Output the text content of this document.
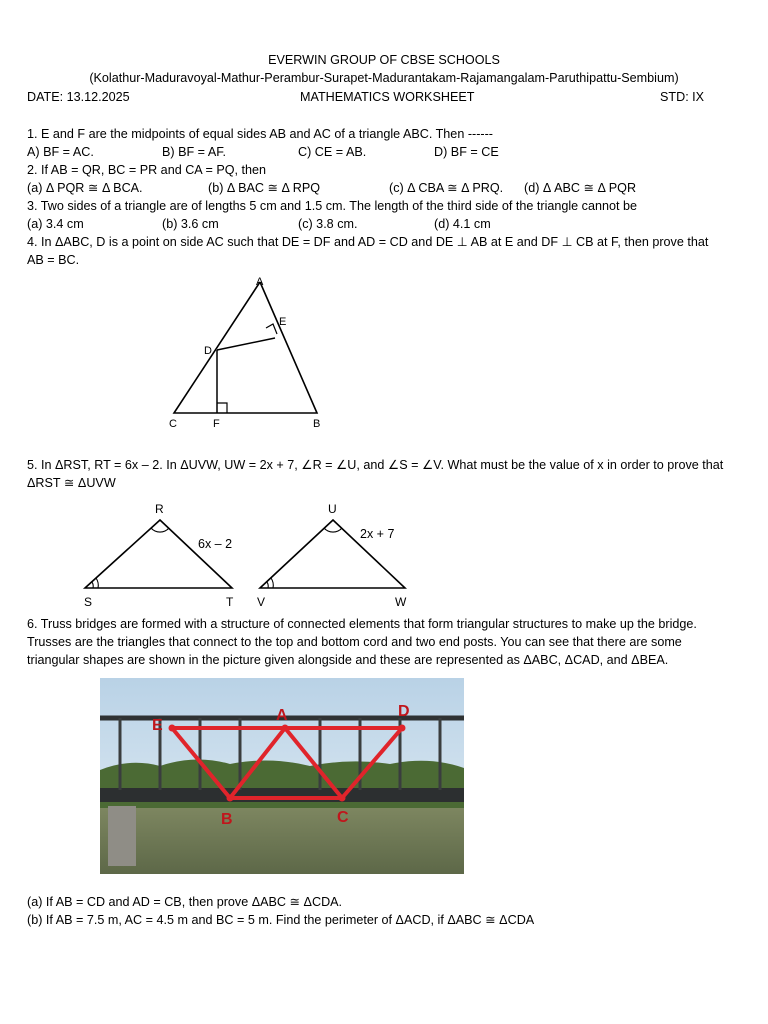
EVERWIN GROUP OF CBSE SCHOOLS
(Kolathur-Maduravoyal-Mathur-Perambur-Surapet-Madurantakam-Rajamangalam-Paruthipattu-Sembium)
DATE: 13.12.2025	MATHEMATICS WORKSHEET	STD: IX
1. E and F are the midpoints of equal sides AB and AC of a triangle ABC. Then ------
A) BF = AC.	B) BF = AF.	C) CE = AB.	D) BF = CE
2. If AB = QR, BC = PR and CA = PQ, then
(a) Δ PQR ≅ Δ BCA.	(b) Δ BAC ≅ Δ RPQ	(c) Δ CBA ≅ Δ PRQ. (d) Δ ABC ≅ Δ PQR
3. Two sides of a triangle are of lengths 5 cm and 1.5 cm. The length of the third side of the triangle cannot be
(a) 3.4 cm	(b) 3.6 cm	(c) 3.8 cm.	(d) 4.1 cm
4. In ΔABC, D is a point on side AC such that DE = DF and AD = CD and DE ⊥ AB at E and DF ⊥ CB at F, then prove that
AB = BC.
A
E
D
C	F	B
5. In ΔRST, RT = 6x – 2. In ΔUVW, UW = 2x + 7, ∠R = ∠U, and ∠S = ∠V. What must be the value of x in order to prove that
ΔRST ≅ ΔUVW
R
S	T
6x – 2
U
V	W
2x + 7
6. Truss bridges are formed with a structure of connected elements that form triangular structures to make up the bridge.
Trusses are the triangles that connect to the top and bottom cord and two end posts. You can see that there are some
triangular shapes are shown in the picture given alongside and these are represented as ΔABC, ΔCAD, and ΔBEA.
E
A	D
B	C
(a) If AB = CD and AD = CB, then prove ΔABC ≅ ΔCDA.
(b) If AB = 7.5 m, AC = 4.5 m and BC = 5 m. Find the perimeter of ΔACD, if ΔABC ≅ ΔCDA
